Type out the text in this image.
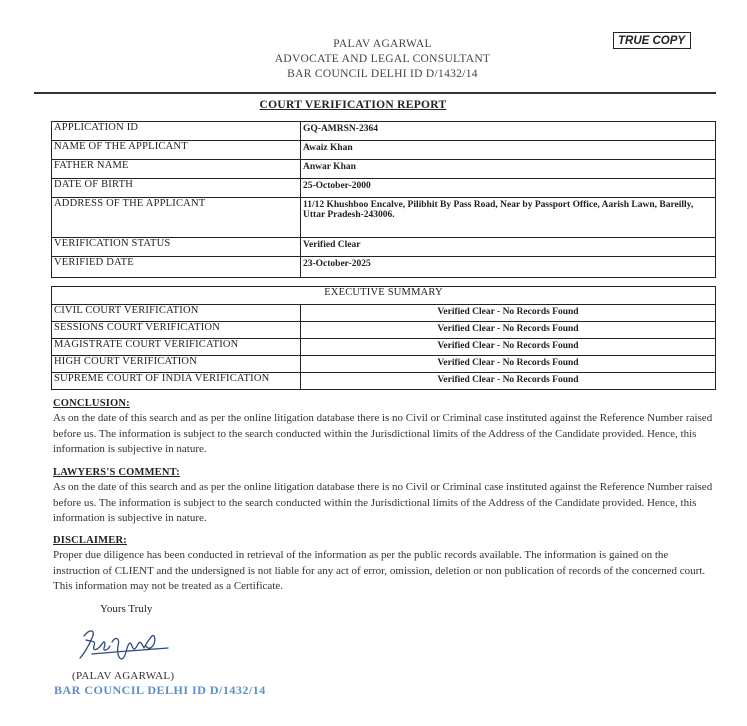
PALAV AGARWAL
ADVOCATE AND LEGAL CONSULTANT
BAR COUNCIL DELHI ID D/1432/14
TRUE COPY
COURT VERIFICATION REPORT
APPLICATION ID	GQ-AMRSN-2364
NAME OF THE APPLICANT	Awaiz Khan
FATHER NAME	Anwar Khan
DATE OF BIRTH	25-October-2000
ADDRESS OF THE APPLICANT	11/12 Khushboo Encalve, Pilibhit By Pass Road, Near by Passport Office, Aarish Lawn, Bareilly, Uttar Pradesh-243006.
VERIFICATION STATUS	Verified Clear
VERIFIED DATE	23-October-2025
EXECUTIVE SUMMARY	
CIVIL COURT VERIFICATION	Verified Clear - No Records Found
SESSIONS COURT VERIFICATION	Verified Clear - No Records Found
MAGISTRATE COURT VERIFICATION	Verified Clear - No Records Found
HIGH COURT VERIFICATION	Verified Clear - No Records Found
SUPREME COURT OF INDIA VERIFICATION	Verified Clear - No Records Found
CONCLUSION:
As on the date of this search and as per the online litigation database there is no Civil or Criminal case instituted against the Reference Number raised before us. The information is subject to the search conducted within the Jurisdictional limits of the Address of the Candidate provided. Hence, this information is subjective in nature.
LAWYERS'S COMMENT:
As on the date of this search and as per the online litigation database there is no Civil or Criminal case instituted against the Reference Number raised before us. The information is subject to the search conducted within the Jurisdictional limits of the Address of the Candidate provided. Hence, this information is subjective in nature.
DISCLAIMER:
Proper due diligence has been conducted in retrieval of the information as per the public records available. The information is gained on the instruction of CLIENT and the undersigned is not liable for any act of error, omission, deletion or non publication of records of the concerned court. This information may not be treated as a Certificate.
Yours Truly
(PALAV AGARWAL)
BAR COUNCIL DELHI ID D/1432/14
